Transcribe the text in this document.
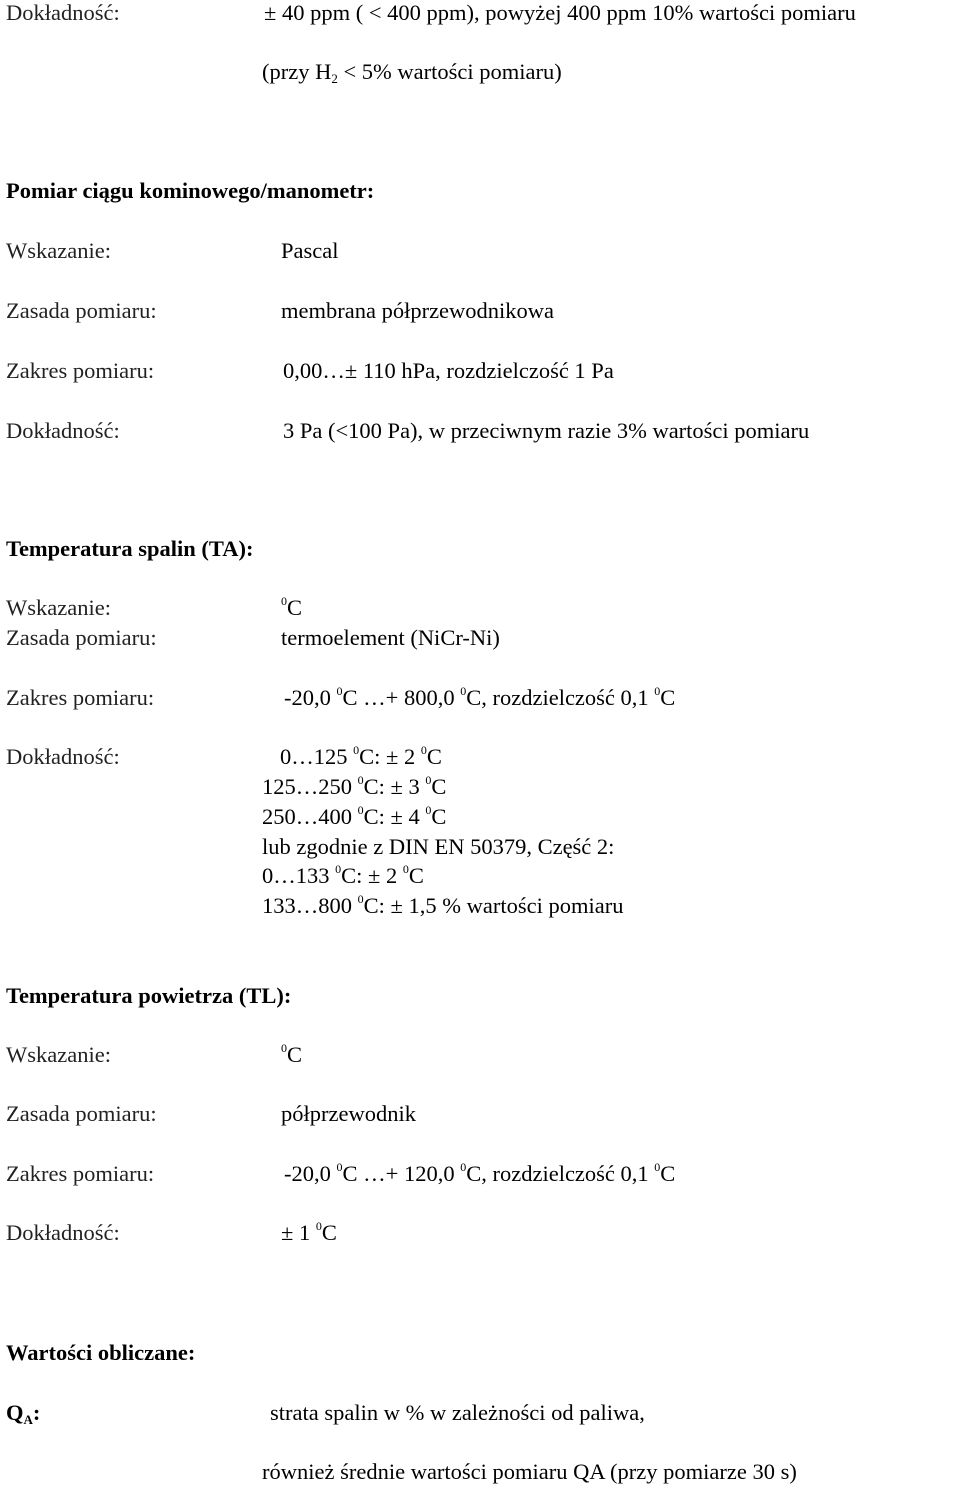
Dokładność:	± 40 ppm ( < 400 ppm), powyżej 400 ppm 10% wartości pomiaru
(przy $H_2 < 5\%$ wartości pomiaru)
Pomiar ciągu kominowego/manometr:
Wskazanie:	Pascal
Zasada pomiaru:	membrana półprzewodnikowa
Zakres pomiaru:	0,00…± 110 hPa, rozdzielczość 1 Pa
Dokładność:	3 Pa (<100 Pa), w przeciwnym razie 3% wartości pomiaru
Temperatura spalin (TA):
Wskazanie:	$^0$C
Zasada pomiaru:	termoelement (NiCr-Ni)
Zakres pomiaru:	-20,0 $^0$C …+ 800,0 $^0$C, rozdzielczość 0,1 $^0$C
Dokładność:	0…125 $^0$C: ± 2 $^0$C
125…250 $^0$C: ± 3 $^0$C
250…400 $^0$C: ± 4 $^0$C
lub zgodnie z DIN EN 50379, Część 2:
0…133 $^0$C: ± 2 $^0$C
133…800 $^0$C: ± 1,5 % wartości pomiaru
Temperatura powietrza (TL):
Wskazanie:	$^0$C
Zasada pomiaru:	półprzewodnik
Zakres pomiaru:	-20,0 $^0$C …+ 120,0 $^0$C, rozdzielczość 0,1 $^0$C
Dokładność:	± 1 $^0$C
Wartości obliczane:
$Q_A$:	strata spalin w % w zależności od paliwa,
również średnie wartości pomiaru QA (przy pomiarze 30 s)
